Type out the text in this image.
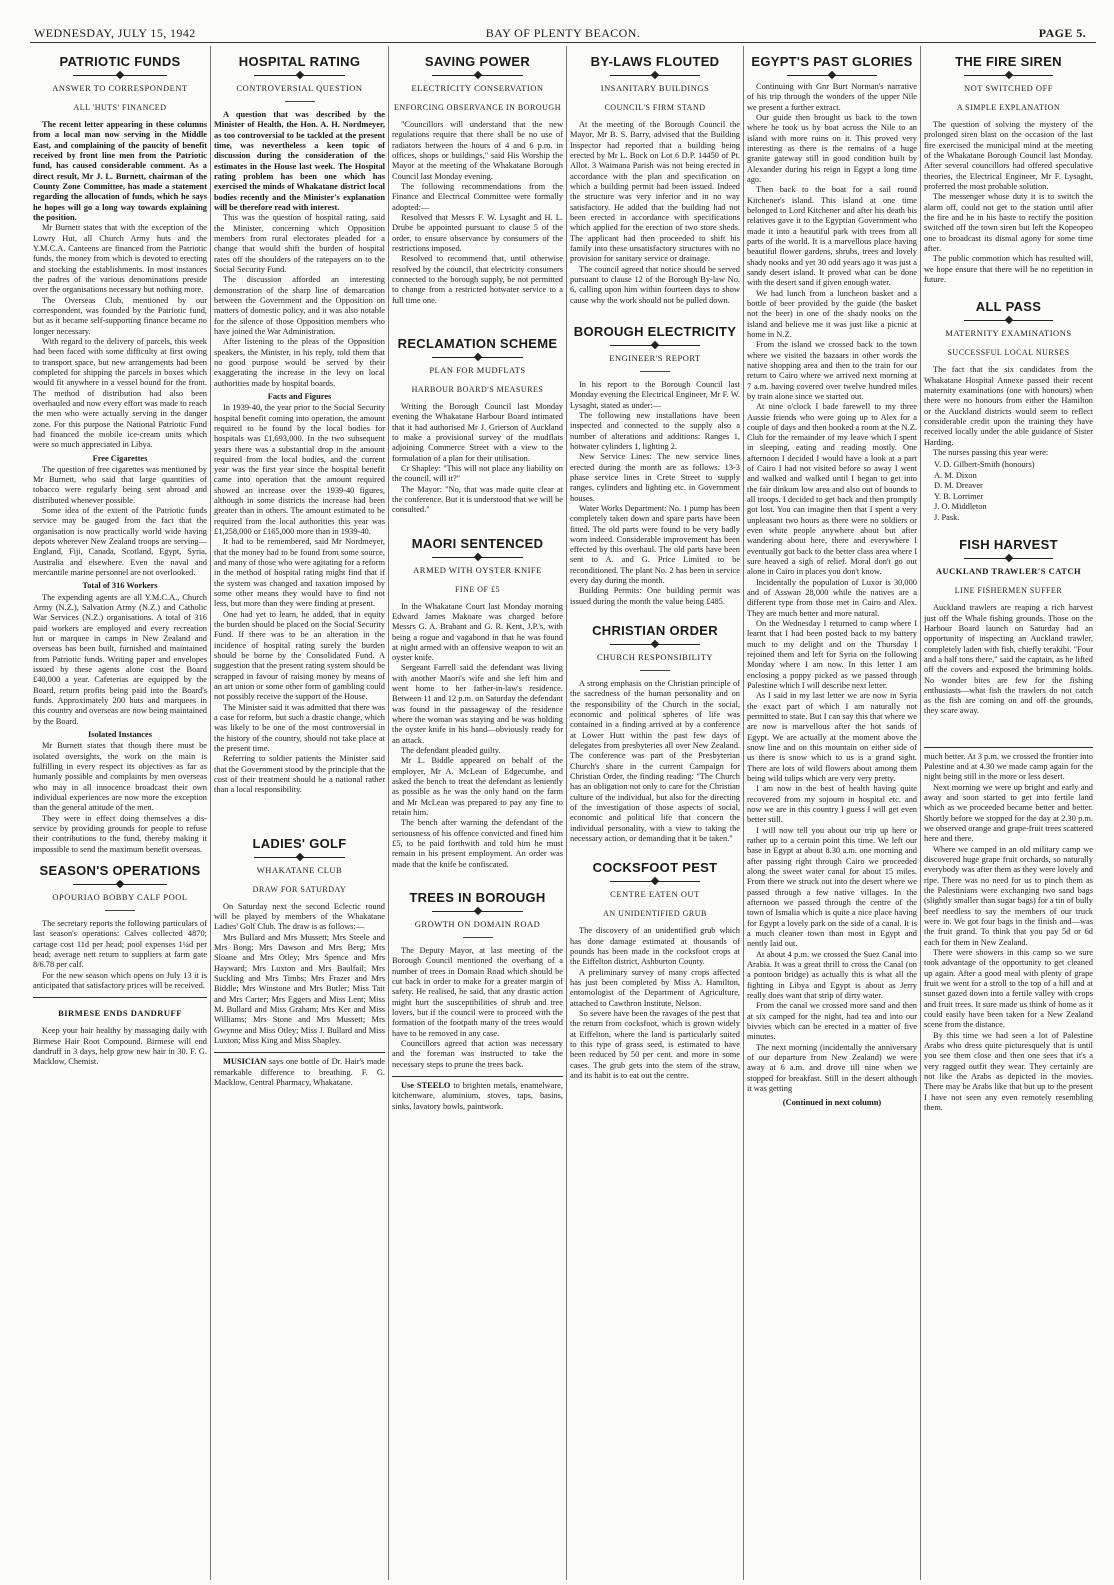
WEDNESDAY, JULY 15, 1942	BAY OF PLENTY BEACON.	PAGE 5.
PATRIOTIC FUNDS
ANSWER TO CORRESPONDENT
ALL 'HUTS' FINANCED

The recent letter appearing in these columns from a local man now serving in the Middle East, and complaining of the paucity of benefit received by front line men from the Patriotic fund, has caused considerable comment. As a direct result, Mr J. L. Burnett, chairman of the County Zone Committee, has made a statement regarding the allocation of funds, which he says he hopes will go a long way towards explaining the position.

Mr Burnett states that with the exception of the Lowry Hut, all Church Army huts and the Y.M.C.A. Canteens are financed from the Patriotic funds, the money from which is devoted to erecting and stocking the establishments. In most instances the padres of the various denominations preside over the organisations necessary but nothing more.

The Overseas Club, mentioned by our correspondent, was founded by the Patriotic fund, but as it became self-supporting finance became no longer necessary.

With regard to the delivery of parcels, this week had been faced with some difficulty at first owing to transport space, but new arrangements had been completed for shipping the parcels in boxes which would fit anywhere in a vessel bound for the front. The method of distribution had also been overhauled and now every effort was made to reach the men who were actually serving in the danger zone. For this purpose the National Patriotic Fund had financed the mobile ice-cream units which were so much appreciated in Libya.

Free Cigarettes

The question of free cigarettes was mentioned by Mr Burnett, who said that large quantities of tobacco were regularly being sent abroad and distributed whenever possible.

Some idea of the extent of the Patriotic funds service may be gauged from the fact that the organisation is now practically world wide having depots wherever New Zealand troops are serving—England, Fiji, Canada, Scotland, Egypt, Syria, Australia and elsewhere. Even the naval and mercantile marine personnel are not overlooked.

Total of 316 Workers

The expending agents are all Y.M.C.A., Church Army (N.Z.), Salvation Army (N.Z.) and Catholic War Services (N.Z.) organisations. A total of 316 paid workers are employed and every recreation hut or marquee in camps in New Zealand and overseas has been built, furnished and maintained from Patriotic funds. Writing paper and envelopes issued by these agents alone cost the Board £40,000 a year. Cafeterias are equipped by the Board, return profits being paid into the Board's funds. Approximately 200 huts and marquees in this country and overseas are now being maintained by the Board.

Isolated Instances

Mr Burnett states that though there must be isolated oversights, the work on the main is fulfilling in every respect its objectives as far as humanly possible and complaints by men overseas who may in all innocence broadcast their own individual experiences are now more the exception than the general attitude of the men.

They were in effect doing themselves a dis-service by providing grounds for people to refuse their contributions to the fund, thereby making it impossible to send the maximum benefit overseas.

SEASON'S OPERATIONS
OPOURIAO BOBBY CALF POOL

The secretary reports the following particulars of last season's operations: Calves collected 4870; cartage cost 11d per head; pool expenses 1¼d per head; average nett return to suppliers at farm gate 8/6.78 per calf.

For the new season which opens on July 13 it is anticipated that satisfactory prices will be received.

BIRMESE ENDS DANDRUFF

Keep your hair healthy by massaging daily with Birmese Hair Root Compound. Birmese will end dandruff in 3 days, help grow new hair in 30. F. G. Macklow, Chemist.

HOSPITAL RATING
CONTROVERSIAL QUESTION

A question that was described by the Minister of Health, the Hon. A. H. Nordmeyer, as too controversial to be tackled at the present time, was nevertheless a keen topic of discussion during the consideration of the estimates in the House last week. The Hospital rating problem has been one which has exercised the minds of Whakatane district local bodies recently and the Minister's explanation will be therefore read with interest.

This was the question of hospital rating, said the Minister, concerning which Opposition members from rural electorates pleaded for a change that would shift the burden of hospital rates off the shoulders of the ratepayers on to the Social Security Fund.

The discussion afforded an interesting demonstration of the sharp line of demarcation between the Government and the Opposition on matters of domestic policy, and it was also notable for the silence of those Opposition members who have joined the War Administration.

After listening to the pleas of the Opposition speakers, the Minister, in his reply, told them that no good purpose would be served by their exaggerating the increase in the levy on local authorities made by hospital boards.

Facts and Figures

In 1939-40, the year prior to the Social Security hospital benefit coming into operation, the amount required to be found by the local bodies for hospitals was £1,693,000. In the two subsequent years there was a substantial drop in the amount required from the local bodies, and the current year was the first year since the hospital benefit came into operation that the amount required showed an increase over the 1939-40 figures, although in some districts the increase had been greater than in others. The amount estimated to be required from the local authorities this year was £1,258,000 or £165,000 more than in 1939-40.

It had to be remembered, said Mr Nordmeyer, that the money had to be found from some source, and many of those who were agitating for a reform in the method of hospital rating might find that if the system was changed and taxation imposed by some other means they would have to find not less, but more than they were finding at present.

One had yet to learn, he added, that in equity the burden should be placed on the Social Security Fund. If there was to be an alteration in the incidence of hospital rating surely the burden should be borne by the Consolidated Fund. A suggestion that the present rating system should be scrapped in favour of raising money by means of an art union or some other form of gambling could not possibly receive the support of the House.

The Minister said it was admitted that there was a case for reform, but such a drastic change, which was likely to be one of the most controversial in the history of the country, should not take place at the present time.

Referring to soldier patients the Minister said that the Government stood by the principle that the cost of their treatment should be a national rather than a local responsibility.

LADIES' GOLF
WHAKATANE CLUB
DRAW FOR SATURDAY

On Saturday next the second Eclectic round will be played by members of the Whakatane Ladies' Golf Club. The draw is as follows:—

Mrs Bullard and Mrs Mussett; Mrs Steele and Mrs Bong; Mrs Dawson and Mrs Berg; Mrs Sloane and Mrs Otley; Mrs Spence and Mrs Hayward; Mrs Luxton and Mrs Baulfail; Mrs Suckling and Mrs Timbs; Mrs Frazer and Mrs Biddle; Mrs Winstone and Mrs Butler; Miss Tait and Mrs Carter; Mrs Eggers and Miss Lent; Miss M. Bullard and Miss Graham; Mrs Ker and Miss Williams; Mrs Stone and Mrs Mussett; Mrs Gwynne and Miss Otley; Miss J. Bullard and Miss Luxton; Miss King and Miss Shapley.

MUSICIAN says one bottle of Dr. Hair's made remarkable difference to breathing. F. G. Macklow, Central Pharmacy, Whakatane.

SAVING POWER
ELECTRICITY CONSERVATION
ENFORCING OBSERVANCE IN BOROUGH

"Councillors will understand that the new regulations require that there shall be no use of radiators between the hours of 4 and 6 p.m. in offices, shops or buildings," said His Worship the Mayor at the meeting of the Whakatane Borough Council last Monday evening.

The following recommendations from the Finance and Electrical Committee were formally adopted:—

Resolved that Messrs F. W. Lysaght and H. L. Drube be appointed pursuant to clause 5 of the order, to ensure observance by consumers of the restrictions imposed.

Resolved to recommend that, until otherwise resolved by the council, that electricity consumers connected to the borough supply, be not permitted to change from a restricted hotwater service to a full time one.

RECLAMATION SCHEME
PLAN FOR MUDFLATS
HARBOUR BOARD'S MEASURES

Writing the Borough Council last Monday evening the Whakatane Harbour Board intimated that it had authorised Mr J. Grierson of Auckland to make a provisional survey of the mudflats adjoining Commerce Street with a view to the formulation of a plan for their utilisation.

Cr Shapley: "This will not place any liability on the council, will it?"

The Mayor: "No, that was made quite clear at the conference. But it is understood that we will be consulted."

MAORI SENTENCED
ARMED WITH OYSTER KNIFE
FINE OF £5

In the Whakatane Court last Monday morning Edward James Makoare was charged before Messrs G. A. Brabant and G. R. Kent, J.P.'s, with being a rogue and vagabond in that he was found at night armed with an offensive weapon to wit an oyster knife.

Sergeant Farrell said the defendant was living with another Maori's wife and she left him and went home to her father-in-law's residence. Between 11 and 12 p.m. on Saturday the defendant was found in the passageway of the residence where the woman was staying and he was holding the oyster knife in his hand—obviously ready for an attack.

The defendant pleaded guilty.

Mr L. Biddle appeared on behalf of the employer, Mr A. McLean of Edgecumbe, and asked the bench to treat the defendant as leniently as possible as he was the only hand on the farm and Mr McLean was prepared to pay any fine to retain him.

The bench after warning the defendant of the seriousness of his offence convicted and fined him £5, to be paid forthwith and told him he must remain in his present employment. An order was made that the knife be confiscated.

TREES IN BOROUGH
GROWTH ON DOMAIN ROAD

The Deputy Mayor, at last meeting of the Borough Council mentioned the overhang of a number of trees in Domain Road which should be cut back in order to make for a greater margin of safety. He realised, he said, that any drastic action might hurt the susceptibilities of shrub and tree lovers, but if the council were to proceed with the formation of the footpath many of the trees would have to be removed in any case.

Councillors agreed that action was necessary and the foreman was instructed to take the necessary steps to prune the trees back.

Use STEELO to brighten metals, enamelware, kitchenware, aluminium, stoves, taps, basins, sinks, lavatory bowls, paintwork.

BY-LAWS FLOUTED
INSANITARY BUILDINGS
COUNCIL'S FIRM STAND

At the meeting of the Borough Council the Mayor, Mr B. S. Barry, advised that the Building Inspector had reported that a building being erected by Mr L. Bock on Lot 6 D.P. 14450 of Pt. Allot. 3 Waimana Parish was not being erected in accordance with the plan and specification on which a building permit had been issued. Indeed the structure was very inferior and in no way satisfactory. He added that the building had not been erected in accordance with specifications which applied for the erection of two store sheds. The applicant had then proceeded to shift his family into these unsatisfactory structures with no provision for sanitary service or drainage.

The council agreed that notice should be served pursuant to clause 12 of the Borough By-law No. 6, calling upon him within fourteen days to show cause why the work should not be pulled down.

BOROUGH ELECTRICITY
ENGINEER'S REPORT

In his report to the Borough Council last Monday evening the Electrical Engineer, Mr F. W. Lysaght, stated as under:—

The following new installations have been inspected and connected to the supply also a number of alterations and additions: Ranges 1, hotwater cylinders 1, lighting 2.

New Service Lines: The new service lines erected during the month are as follows: 13-3 phase service lines in Crete Street to supply ranges, cylinders and lighting etc. in Government houses.

Water Works Department: No. 1 pump has been completely taken down and spare parts have been fitted. The old parts were found to be very badly worn indeed. Considerable improvement has been effected by this overhaul. The old parts have been sent to A. and G. Price Limited to be reconditioned. The plant No. 2 has been in service every day during the month.

Building Permits: One building permit was issued during the month the value being £485.

CHRISTIAN ORDER
CHURCH RESPONSIBILITY

A strong emphasis on the Christian principle of the sacredness of the human personality and on the responsibility of the Church in the social, economic and political spheres of life was contained in a finding arrived at by a conference at Lower Hutt within the past few days of delegates from presbyteries all over New Zealand. The conference was part of the Presbyterian Church's share in the current Campaign for Christian Order, the finding reading: "The Church has an obligation not only to care for the Christian culture of the individual, but also for the directing of the investigation of those aspects of social, economic and political life that concern the individual personality, with a view to taking the necessary action, or demanding that it be taken."

COCKSFOOT PEST
CENTRE EATEN OUT
AN UNIDENTIFIED GRUB

The discovery of an unidentified grub which has done damage estimated at thousands of pounds has been made in the cocksfoot crops at the Eiffelton district, Ashburton County.

A preliminary survey of many crops affected has just been completed by Miss A. Hamilton, entomologist of the Department of Agriculture, attached to Cawthron Institute, Nelson.

So severe have been the ravages of the pest that the return from cocksfoot, which is grown widely at Eiffelton, where the land is particularly suited to this type of grass seed, is estimated to have been reduced by 50 per cent. and more in some cases. The grub gets into the stem of the straw, and its habit is to eat out the centre.

EGYPT'S PAST GLORIES

Continuing with Gnr Burt Norman's narrative of his trip through the wonders of the upper Nile we present a further extract.

Our guide then brought us back to the town where he took us by boat across the Nile to an island with more ruins on it. This proved very interesting as there is the remains of a huge granite gateway still in good condition built by Alexander during his reign in Egypt a long time ago.

Then back to the boat for a sail round Kitchener's island. This island at one time belonged to Lord Kitchener and after his death his relatives gave it to the Egyptian Government who made it into a beautiful park with trees from all parts of the world. It is a marvellous place having beautiful flower gardens, shrubs, trees and lovely shady nooks and yet 30 odd years ago it was just a sandy desert island. It proved what can be done with the desert sand if given enough water.

We had lunch from a luncheon basket and a bottle of beer provided by the guide (the basket not the beer) in one of the shady nooks on the island and believe me it was just like a picnic at home in N.Z.

From the island we crossed back to the town where we visited the bazaars in other words the native shopping area and then to the train for our return to Cairo where we arrived next morning at 7 a.m. having covered over twelve hundred miles by train alone since we started out.

At nine o'clock I bade farewell to my three Aussie friends who were going up to Alex for a couple of days and then booked a room at the N.Z. Club for the remainder of my leave which I spent in sleeping, eating and reading mostly. One afternoon I decided I would have a look at a part of Cairo I had not visited before so away I went and walked and walked until I began to get into the fair dinkum low area and also out of bounds to all troops. I decided to get back and then promptly got lost. You can imagine then that I spent a very unpleasant two hours as there were no soldiers or even white people anywhere about but after wandering about here, there and everywhere I eventually got back to the better class area where I sure heaved a sigh of relief. Moral don't go out alone in Cairo in places you don't know.

Incidentally the population of Luxor is 30,000 and of Asswan 28,000 while the natives are a different type from those met in Cairo and Alex. They are much better and more natural.

On the Wednesday I returned to camp where I learnt that I had been posted back to my battery much to my delight and on the Thursday I rejoined them and left for Syria on the following Monday where I am now. In this letter I am enclosing a poppy picked as we passed through Palestine which I will describe next letter.

As I said in my last letter we are now in Syria the exact part of which I am naturally not permitted to state. But I can say this that where we are now is marvellous after the hot sands of Egypt. We are actually at the moment above the snow line and on this mountain on either side of us there is snow which to us is a grand sight. There are lots of wild flowers about among them being wild tulips which are very very pretty.

I am now in the best of health having quite recovered from my sojourn in hospital etc. and now we are in this country I guess I will get even better still.

I will now tell you about our trip up here or rather up to a certain point this time. We left our base in Egypt at about 8.30 a.m. one morning and after passing right through Cairo we proceeded along the sweet water canal for about 15 miles. From there we struck out into the desert where we passed through a few native villages. In the afternoon we passed through the centre of the town of Ismalia which is quite a nice place having for Egypt a lovely park on the side of a canal. It is a much cleaner town than most in Egypt and nently laid out.

At about 4 p.m. we crossed the Suez Canal into Arabia. It was a great thrill to cross the Canal (on a pontoon bridge) as actually this is what all the fighting in Libya and Egypt is about as Jerry really does want that strip of dirty water.

From the canal we crossed more sand and then at six camped for the night, had tea and into our bivvies which can be erected in a matter of five minutes.

The next morning (incidentally the anniversary of our departure from New Zealand) we were away at 6 a.m. and drove till nine when we stopped for breakfast. Still in the desert although it was getting

(Continued in next column)
THE FIRE SIREN
NOT SWITCHED OFF
A SIMPLE EXPLANATION

The question of solving the mystery of the prolonged siren blast on the occasion of the last fire exercised the municipal mind at the meeting of the Whakatane Borough Council last Monday. After several councillors had offered speculative theories, the Electrical Engineer, Mr F. Lysaght, proferred the most probable solution.

The messenger whose duty it is to switch the alarm off, could not get to the station until after the fire and he in his haste to rectify the position switched off the town siren but left the Kopeopeo one to broadcast its dismal agony for some time after.

The public commotion which has resulted will, we hope ensure that there will be no repetition in future.

ALL PASS
MATERNITY EXAMINATIONS
SUCCESSFUL LOCAL NURSES

The fact that the six candidates from the Whakatane Hospital Annexe passed their recent maternity examinations (one with honours) when there were no honours from either the Hamilton or the Auckland districts would seem to reflect considerable credit upon the training they have received locally under the able guidance of Sister Harding.

The nurses passing this year were:

V. D. Gilbert-Smith (honours)
A. M. Dixon
D. M. Dreaver
Y. B. Lorrimer
J. O. Middleton
J. Pask.
FISH HARVEST
AUCKLAND TRAWLER'S CATCH
LINE FISHERMEN SUFFER

Auckland trawlers are reaping a rich harvest just off the Whale fishing grounds. Those on the Harbour Board launch on Saturday had an opportunity of inspecting an Auckland trawler, completely laden with fish, chiefly terakihi. "Four and a half tons there," said the captain, as he lifted off the covers and exposed the brimming holds. No wonder bites are few for the fishing enthusiasts—what fish the trawlers do not catch as the fish are coming on and off the grounds, they scare away.

much better. At 3 p.m. we crossed the frontier into Palestine and at 4.30 we made camp again for the night being still in the more or less desert.

Next morning we were up bright and early and away and soon started to get into fertile land which as we proceeded became better and better. Shortly before we stopped for the day at 2.30 p.m. we observed orange and grape-fruit trees scattered here and there.

Where we camped in an old military camp we discovered huge grape fruit orchards, so naturally everybody was after them as they were lovely and ripe. There was no need for us to pinch them as the Palestinians were exchanging two sand bags (slightly smaller than sugar bags) for a tin of bully beef needless to say the members of our truck were in. We got four bags in the finish and—was the fruit grand. To think that you pay 5d or 6d each for them in New Zealand.

There were showers in this camp so we sure took advantage of the opportunity to get cleaned up again. After a good meal with plenty of grape fruit we went for a stroll to the top of a hill and at sunset gazed down into a fertile valley with crops and fruit trees. It sure made us think of home as it could easily have been taken for a New Zealand scene from the distance.

By this time we had seen a lot of Palestine Arabs who dress quite picturesquely that is until you see them close and then one sees that it's a very ragged outfit they wear. They certainly are not like the Arabs as depicted in the movies. There may be Arabs like that but up to the present I have not seen any even remotely resembling them.
